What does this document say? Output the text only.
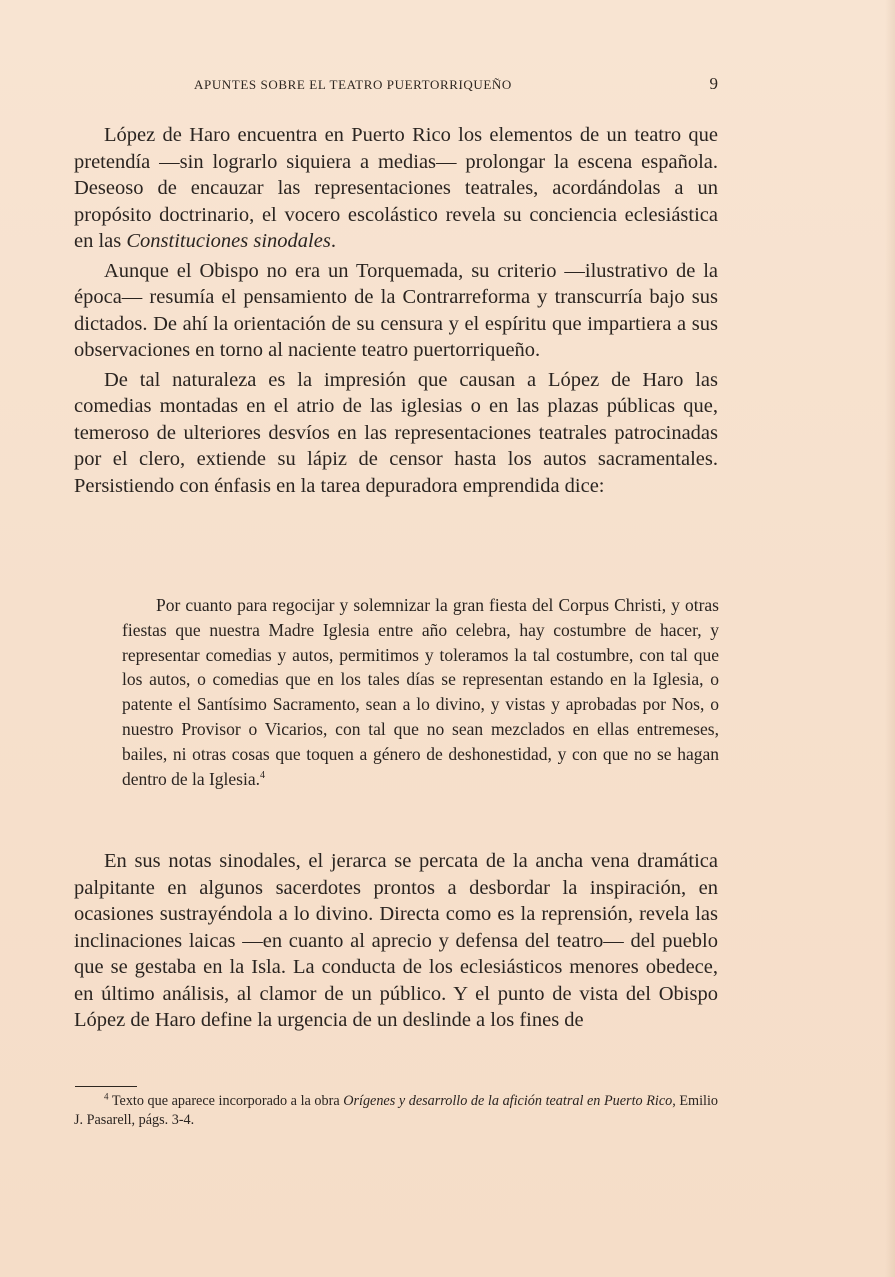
APUNTES SOBRE EL TEATRO PUERTORRIQUEÑO	9

López de Haro encuentra en Puerto Rico los elementos de un teatro que pretendía —sin lograrlo siquiera a medias— prolongar la escena española. Deseoso de encauzar las representaciones teatrales, acordándolas a un propósito doctrinario, el vocero escolástico revela su conciencia eclesiástica en las Constituciones sinodales.

Aunque el Obispo no era un Torquemada, su criterio —ilustrativo de la época— resumía el pensamiento de la Contrarreforma y transcurría bajo sus dictados. De ahí la orientación de su censura y el espíritu que impartiera a sus observaciones en torno al naciente teatro puertorriqueño.

De tal naturaleza es la impresión que causan a López de Haro las comedias montadas en el atrio de las iglesias o en las plazas públicas que, temeroso de ulteriores desvíos en las representaciones teatrales patrocinadas por el clero, extiende su lápiz de censor hasta los autos sacramentales. Persistiendo con énfasis en la tarea depuradora emprendida dice:

Por cuanto para regocijar y solemnizar la gran fiesta del Corpus Christi, y otras fiestas que nuestra Madre Iglesia entre año celebra, hay costumbre de hacer, y representar comedias y autos, permitimos y toleramos la tal costumbre, con tal que los autos, o comedias que en los tales días se representan estando en la Iglesia, o patente el Santísimo Sacramento, sean a lo divino, y vistas y aprobadas por Nos, o nuestro Provisor o Vicarios, con tal que no sean mezclados en ellas entremeses, bailes, ni otras cosas que toquen a género de deshonestidad, y con que no se hagan dentro de la Iglesia.$^4$
En sus notas sinodales, el jerarca se percata de la ancha vena dramática palpitante en algunos sacerdotes prontos a desbordar la inspiración, en ocasiones sustrayéndola a lo divino. Directa como es la reprensión, revela las inclinaciones laicas —en cuanto al aprecio y defensa del teatro— del pueblo que se gestaba en la Isla. La conducta de los eclesiásticos menores obedece, en último análisis, al clamor de un público. Y el punto de vista del Obispo López de Haro define la urgencia de un deslinde a los fines de
$^4$ Texto que aparece incorporado a la obra Orígenes y desarrollo de la afición teatral en Puerto Rico, Emilio J. Pasarell, págs. 3-4.
